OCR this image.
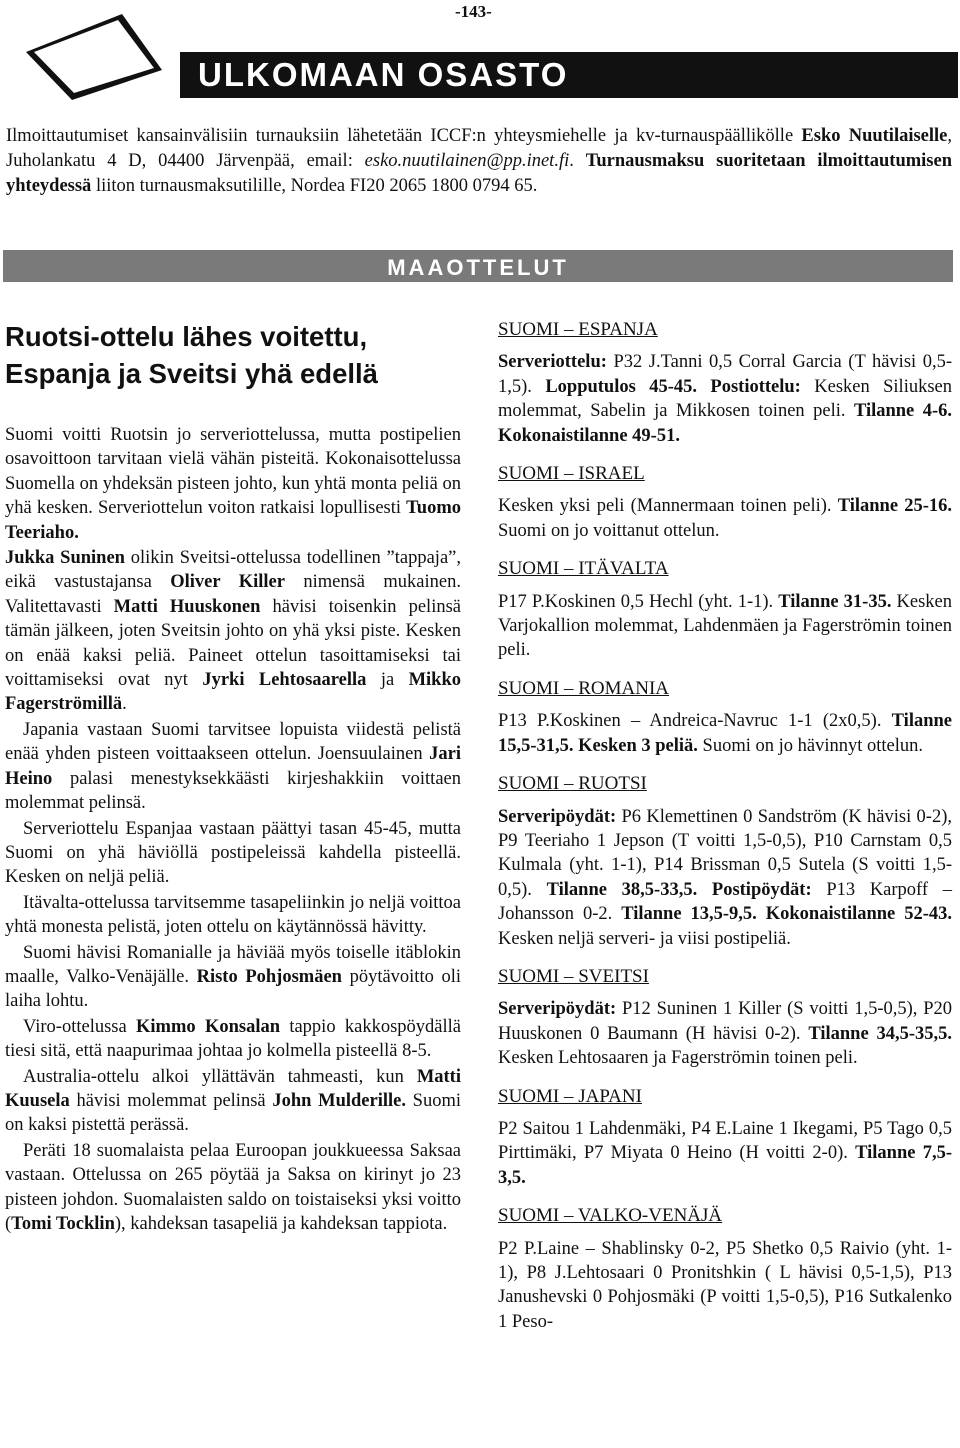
-143-
ULKOMAAN OSASTO

Ilmoittautumiset kansainvälisiin turnauksiin lähetetään ICCF:n yhteysmiehelle ja kv-turnauspäällikölle Esko Nuutilaiselle, Juholankatu 4 D, 04400 Järvenpää, email: esko.nuutilainen@pp.inet.fi. Turnausmaksu suoritetaan ilmoittautumisen yhteydessä liiton turnausmaksutilille, Nordea FI20 2065 1800 0794 65.

MAAOTTELUT
Ruotsi-ottelu lähes voitettu, Espanja ja Sveitsi yhä edellä

Suomi voitti Ruotsin jo serveriottelussa, mutta postipelien osavoittoon tarvitaan vielä vähän pisteitä. Kokonaisottelussa Suomella on yhdeksän pisteen johto, kun yhtä monta peliä on yhä kesken. Serveriottelun voiton ratkaisi lopullisesti Tuomo Teeriaho.

Jukka Suninen olikin Sveitsi-ottelussa todellinen ”tappaja”, eikä vastustajansa Oliver Killer nimensä mukainen. Valitettavasti Matti Huuskonen hävisi toisenkin pelinsä tämän jälkeen, joten Sveitsin johto on yhä yksi piste. Kesken on enää kaksi peliä. Paineet ottelun tasoittamiseksi tai voittamiseksi ovat nyt Jyrki Lehtosaarella ja Mikko Fagerströmillä.

Japania vastaan Suomi tarvitsee lopuista viidestä pelistä enää yhden pisteen voittaakseen ottelun. Joensuulainen Jari Heino palasi menestyksekkäästi kirjeshakkiin voittaen molemmat pelinsä.

Serveriottelu Espanjaa vastaan päättyi tasan 45-45, mutta Suomi on yhä häviöllä postipeleissä kahdella pisteellä. Kesken on neljä peliä.

Itävalta-ottelussa tarvitsemme tasapeliinkin jo neljä voittoa yhtä monesta pelistä, joten ottelu on käytännössä hävitty.

Suomi hävisi Romanialle ja häviää myös toiselle itäblokin maalle, Valko-Venäjälle. Risto Pohjosmäen pöytävoitto oli laiha lohtu.

Viro-ottelussa Kimmo Konsalan tappio kakkospöydällä tiesi sitä, että naapurimaa johtaa jo kolmella pisteellä 8-5.

Australia-ottelu alkoi yllättävän tahmeasti, kun Matti Kuusela hävisi molemmat pelinsä John Mulderille. Suomi on kaksi pistettä perässä.

Peräti 18 suomalaista pelaa Euroopan joukkueessa Saksaa vastaan. Ottelussa on 265 pöytää ja Saksa on kirinyt jo 23 pisteen johdon. Suomalaisten saldo on toistaiseksi yksi voitto (Tomi Tocklin), kahdeksan tasapeliä ja kahdeksan tappiota.

SUOMI – ESPANJA

Serveriottelu: P32 J.Tanni 0,5 Corral Garcia (T hävisi 0,5-1,5). Lopputulos 45-45. Postiottelu: Kesken Siliuksen molemmat, Sabelin ja Mikkosen toinen peli. Tilanne 4-6. Kokonaistilanne 49-51.

SUOMI – ISRAEL

Kesken yksi peli (Mannermaan toinen peli). Tilanne 25-16. Suomi on jo voittanut ottelun.

SUOMI – ITÄVALTA

P17 P.Koskinen 0,5 Hechl (yht. 1-1). Tilanne 31-35. Kesken Varjokallion molemmat, Lahdenmäen ja Fagerströmin toinen peli.

SUOMI – ROMANIA

P13 P.Koskinen – Andreica-Navruc 1-1 (2x0,5). Tilanne 15,5-31,5. Kesken 3 peliä. Suomi on jo hävinnyt ottelun.

SUOMI – RUOTSI

Serveripöydät: P6 Klemettinen 0 Sandström (K hävisi 0-2), P9 Teeriaho 1 Jepson (T voitti 1,5-0,5), P10 Carnstam 0,5 Kulmala (yht. 1-1), P14 Brissman 0,5 Sutela (S voitti 1,5-0,5). Tilanne 38,5-33,5. Postipöydät: P13 Karpoff – Johansson 0-2. Tilanne 13,5-9,5. Kokonaistilanne 52-43. Kesken neljä serveri- ja viisi postipeliä.

SUOMI – SVEITSI

Serveripöydät: P12 Suninen 1 Killer (S voitti 1,5-0,5), P20 Huuskonen 0 Baumann (H hävisi 0-2). Tilanne 34,5-35,5. Kesken Lehtosaaren ja Fagerströmin toinen peli.

SUOMI – JAPANI

P2 Saitou 1 Lahdenmäki, P4 E.Laine 1 Ikegami, P5 Tago 0,5 Pirttimäki, P7 Miyata 0 Heino (H voitti 2-0). Tilanne 7,5-3,5.

SUOMI – VALKO-VENÄJÄ

P2 P.Laine – Shablinsky 0-2, P5 Shetko 0,5 Raivio (yht. 1-1), P8 J.Lehtosaari 0 Pronitshkin ( L hävisi 0,5-1,5), P13 Janushevski 0 Pohjosmäki (P voitti 1,5-0,5), P16 Sutkalenko 1 Peso-
